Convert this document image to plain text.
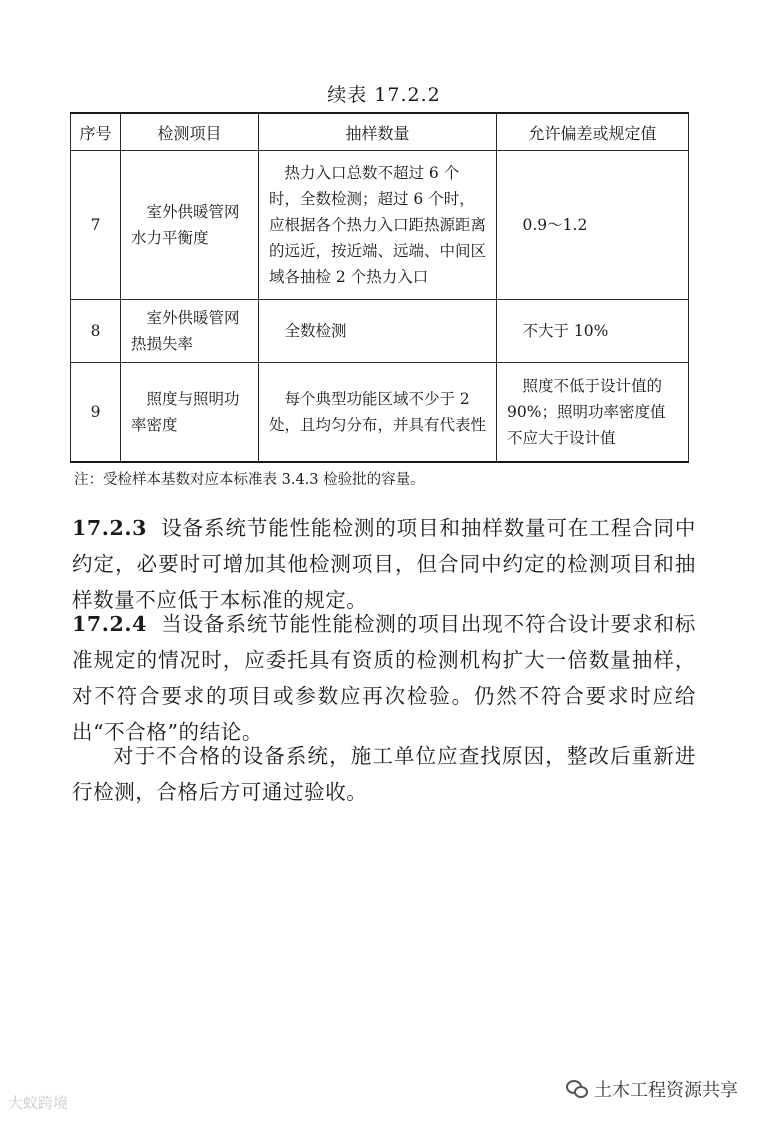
续表 17.2.2
序号	检测项目	抽样数量	允许偏差或规定值
7	室外供暖管网水力平衡度	热力入口总数不超过 6 个时，全数检测；超过 6 个时，应根据各个热力入口距热源距离的远近，按近端、远端、中间区域各抽检 2 个热力入口	0.9～1.2
8	室外供暖管网热损失率	全数检测	不大于 10%
9	照度与照明功率密度	每个典型功能区域不少于 2 处，且均匀分布，并具有代表性	照度不低于设计值的 90%；照明功率密度值不应大于设计值
注：受检样本基数对应本标准表 3.4.3 检验批的容量。
17.2.3 设备系统节能性能检测的项目和抽样数量可在工程合同中约定，必要时可增加其他检测项目，但合同中约定的检测项目和抽样数量不应低于本标准的规定。
17.2.4 当设备系统节能性能检测的项目出现不符合设计要求和标准规定的情况时，应委托具有资质的检测机构扩大一倍数量抽样，对不符合要求的项目或参数应再次检验。仍然不符合要求时应给出“不合格”的结论。
对于不合格的设备系统，施工单位应查找原因，整改后重新进行检测，合格后方可通过验收。
大蚁跨境
土木工程资源共享
